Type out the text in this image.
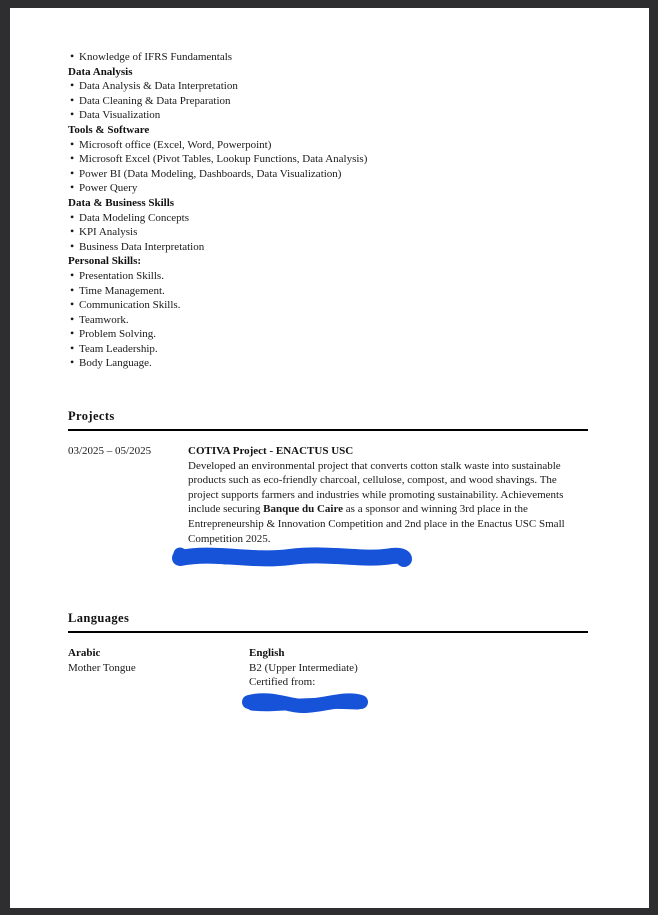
• Knowledge of IFRS Fundamentals
Data Analysis
• Data Analysis & Data Interpretation
• Data Cleaning & Data Preparation
• Data Visualization
Tools & Software
• Microsoft office (Excel, Word, Powerpoint)
• Microsoft Excel (Pivot Tables, Lookup Functions, Data Analysis)
• Power BI (Data Modeling, Dashboards, Data Visualization)
• Power Query
Data & Business Skills
• Data Modeling Concepts
• KPI Analysis
• Business Data Interpretation
Personal Skills:
• Presentation Skills.
• Time Management.
• Communication Skills.
• Teamwork.
• Problem Solving.
• Team Leadership.
• Body Language.
Projects
03/2025 – 05/2025	COTIVA Project - ENACTUS USC
Developed an environmental project that converts cotton stalk waste into sustainable products such as eco-friendly charcoal, cellulose, compost, and wood shavings. The project supports farmers and industries while promoting sustainability. Achievements include securing Banque du Caire as a sponsor and winning 3rd place in the Entrepreneurship & Innovation Competition and 2nd place in the Enactus USC Small Competition 2025.
Languages
Arabic
Mother Tongue
English
B2 (Upper Intermediate)
Certified from:
